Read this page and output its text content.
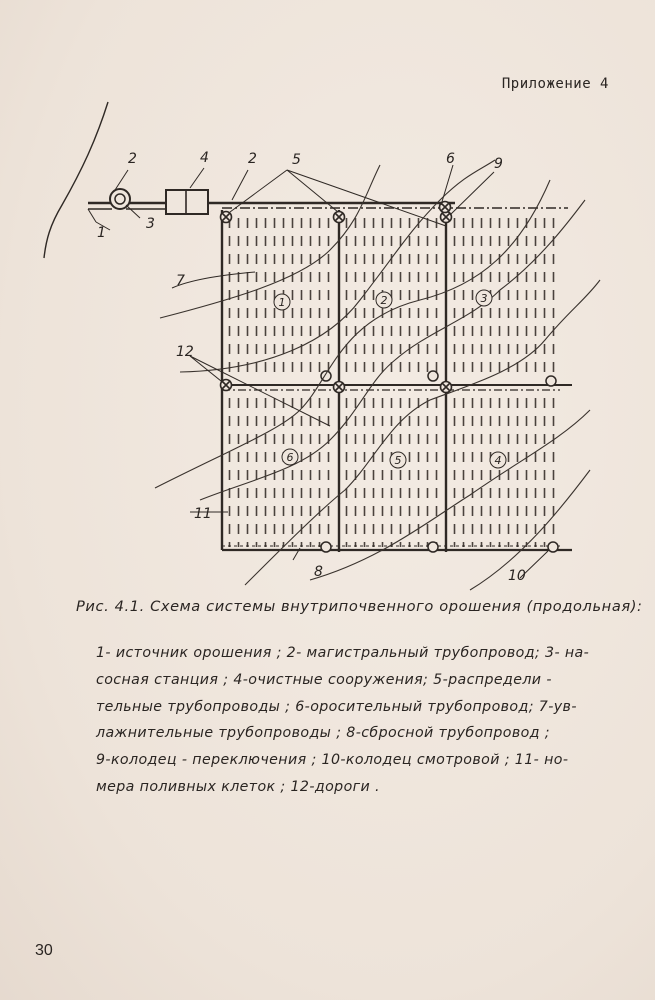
Приложение 4
2
1
3
4	2	5	6	9
7
12
11
8	10
1	2	3
6	5	4
Рис. 4.1. Схема системы внутрипочвенного орошения (продольная):
1- источник орошения ; 2- магистральный трубопровод; 3- на-
сосная станция ; 4-очистные сооружения; 5-распредели -
тельные трубопроводы ; 6-оросительный трубопровод; 7-ув-
лажнительные трубопроводы ; 8-сбросной трубопровод ;
9-колодец - переключения ; 10-колодец смотровой ; 11- но-
мера поливных клеток ; 12-дороги .
30
